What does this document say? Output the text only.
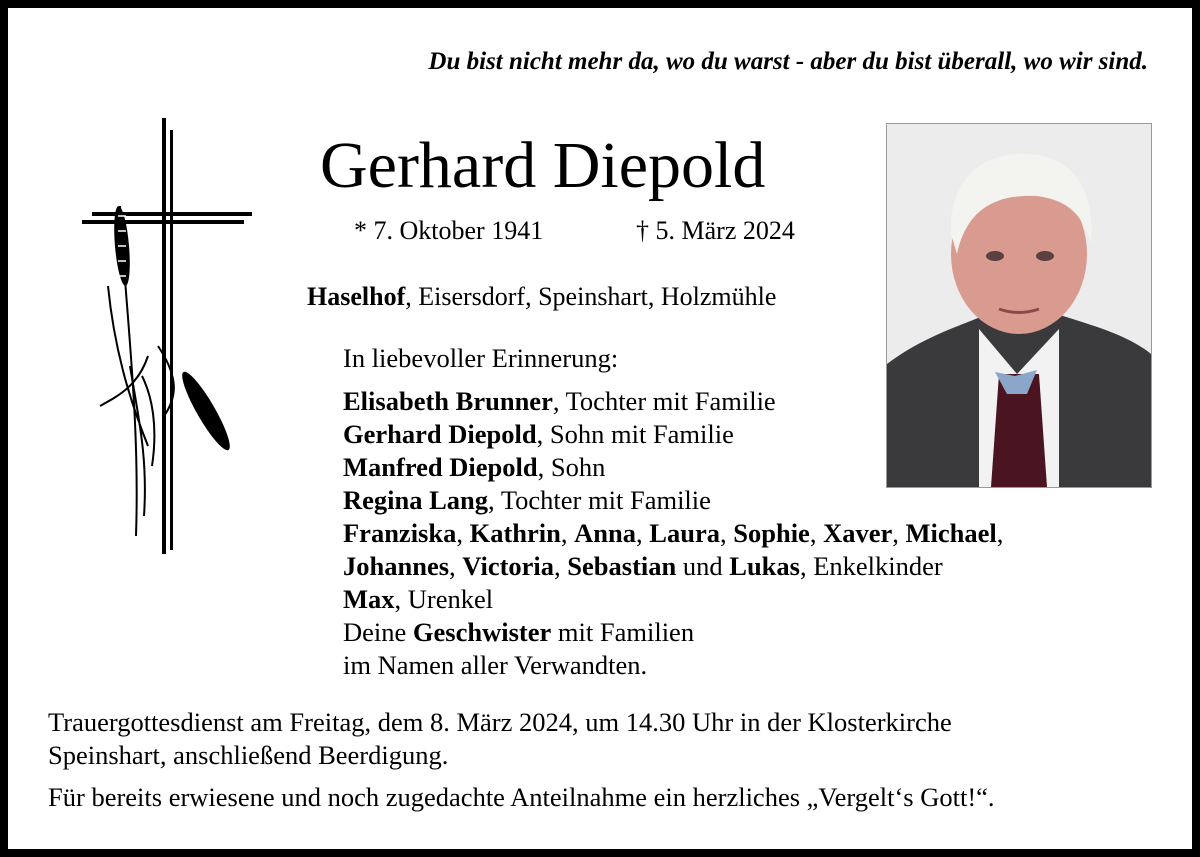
Du bist nicht mehr da, wo du warst - aber du bist überall, wo wir sind.
Gerhard Diepold
* 7. Oktober 1941	† 5. März 2024
Haselhof, Eisersdorf, Speinshart, Holzmühle
In liebevoller Erinnerung:
Elisabeth Brunner, Tochter mit Familie
Gerhard Diepold, Sohn mit Familie
Manfred Diepold, Sohn
Regina Lang, Tochter mit Familie
Franziska, Kathrin, Anna, Laura, Sophie, Xaver, Michael,
Johannes, Victoria, Sebastian und Lukas, Enkelkinder
Max, Urenkel
Deine Geschwister mit Familien
im Namen aller Verwandten.
Trauergottesdienst am Freitag, dem 8. März 2024, um 14.30 Uhr in der Klosterkirche
Speinshart, anschließend Beerdigung.
Für bereits erwiesene und noch zugedachte Anteilnahme ein herzliches „Vergelt‘s Gott!“.
